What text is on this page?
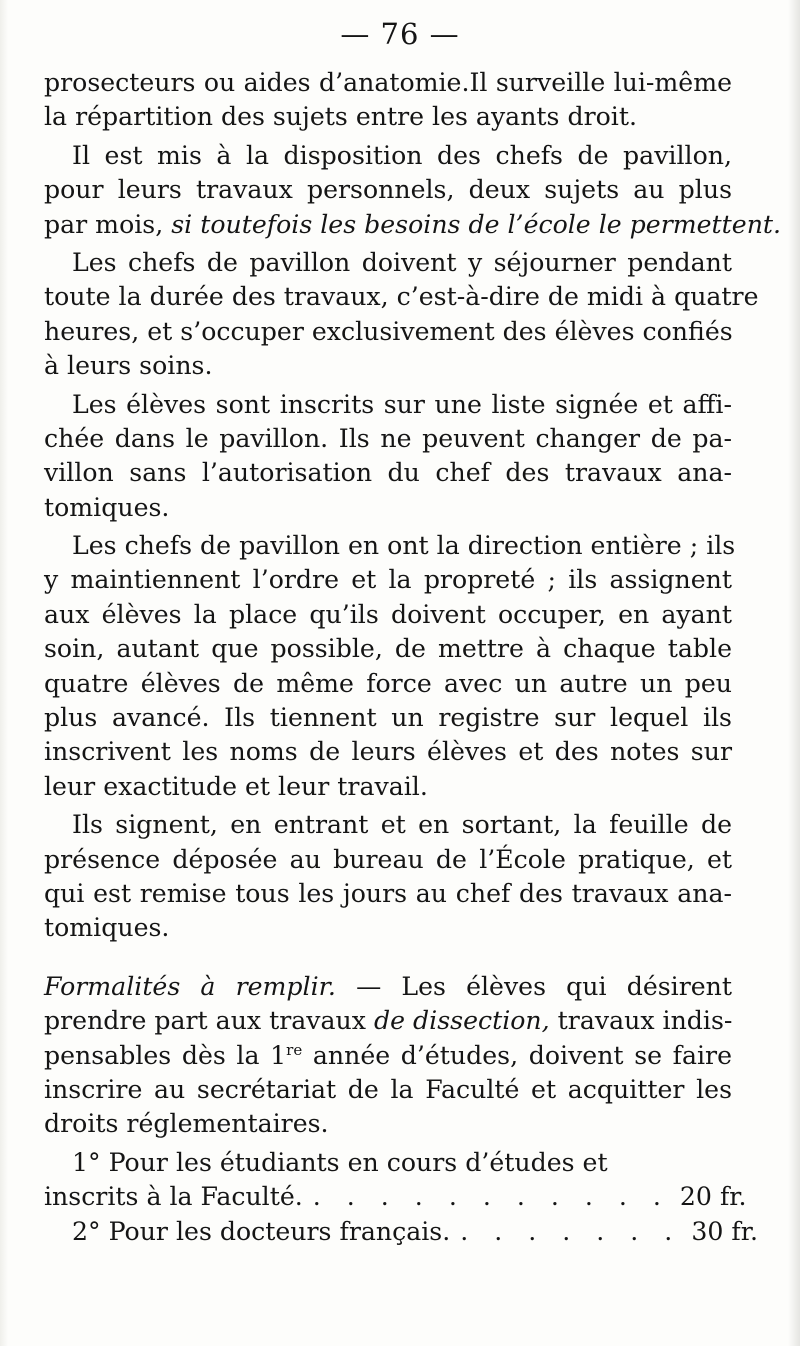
— 76 —
prosecteurs ou aides d’anatomie.Il surveille lui-même
la répartition des sujets entre les ayants droit.
Il est mis à la disposition des chefs de pavillon,
pour leurs travaux personnels, deux sujets au plus
par mois, si toutefois les besoins de l’école le permettent.
Les chefs de pavillon doivent y séjourner pendant
toute la durée des travaux, c’est-à-dire de midi à quatre
heures, et s’occuper exclusivement des élèves confiés
à leurs soins.
Les élèves sont inscrits sur une liste signée et affi-
chée dans le pavillon. Ils ne peuvent changer de pa-
villon sans l’autorisation du chef des travaux ana-
tomiques.
Les chefs de pavillon en ont la direction entière ; ils
y maintiennent l’ordre et la propreté ; ils assignent
aux élèves la place qu’ils doivent occuper, en ayant
soin, autant que possible, de mettre à chaque table
quatre élèves de même force avec un autre un peu
plus avancé. Ils tiennent un registre sur lequel ils
inscrivent les noms de leurs élèves et des notes sur
leur exactitude et leur travail.
Ils signent, en entrant et en sortant, la feuille de
présence déposée au bureau de l’École pratique, et
qui est remise tous les jours au chef des travaux ana-
tomiques.
Formalités à remplir. — Les élèves qui désirent
prendre part aux travaux de dissection, travaux indis-
pensables dès la 1re année d’études, doivent se faire
inscrire au secrétariat de la Faculté et acquitter les
droits réglementaires.
1° Pour les étudiants en cours d’études et
inscrits à la Faculté. . . . . . . . . . . . 20 fr.
2° Pour les docteurs français. . . . . . . . 30 fr.
